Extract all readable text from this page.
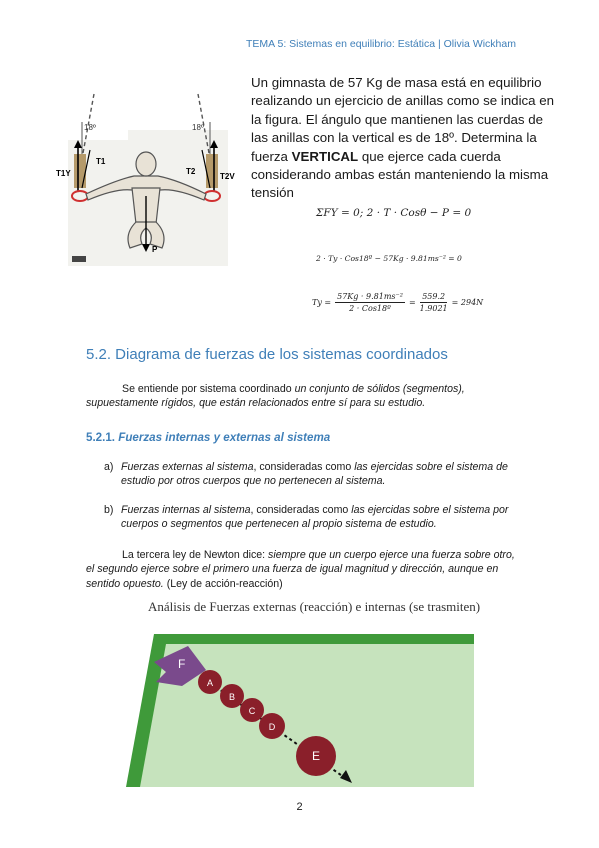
TEMA 5: Sistemas en equilibrio: Estática | Olivia Wickham
18º	18º
T1Y
T1
T2
T2V
P
Un gimnasta de 57 Kg de masa está en equilibrio realizando un ejercicio de anillas como se indica en la figura. El ángulo que mantienen las cuerdas de las anillas con la vertical es de 18º. Determina la fuerza VERTICAL que ejerce cada cuerda considerando ambas están manteniendo la misma tensión
ΣFY = 0; 2 · T · Cosθ − P = 0
2 · Ty · Cos18º − 57Kg · 9.81ms⁻² = 0
$Ty = \frac{\text{57Kg · 9.81ms⁻²}}{\text{2 · Cos18º}} = \frac{559.2}{1.9021} = 294N$
5.2. Diagrama de fuerzas de los sistemas coordinados
Se entiende por sistema coordinado un conjunto de sólidos (segmentos), supuestamente rígidos, que están relacionados entre sí para su estudio.
5.2.1. Fuerzas internas y externas al sistema
a) Fuerzas externas al sistema, consideradas como las ejercidas sobre el sistema de estudio por otros cuerpos que no pertenecen al sistema.
b) Fuerzas internas al sistema, consideradas como las ejercidas sobre el sistema por cuerpos o segmentos que pertenecen al propio sistema de estudio.
La tercera ley de Newton dice: siempre que un cuerpo ejerce una fuerza sobre otro, el segundo ejerce sobre el primero una fuerza de igual magnitud y dirección, aunque en sentido opuesto. (Ley de acción-reacción)
Análisis de Fuerzas externas (reacción) e internas (se trasmiten)
F
A
B
C
D
E
2
